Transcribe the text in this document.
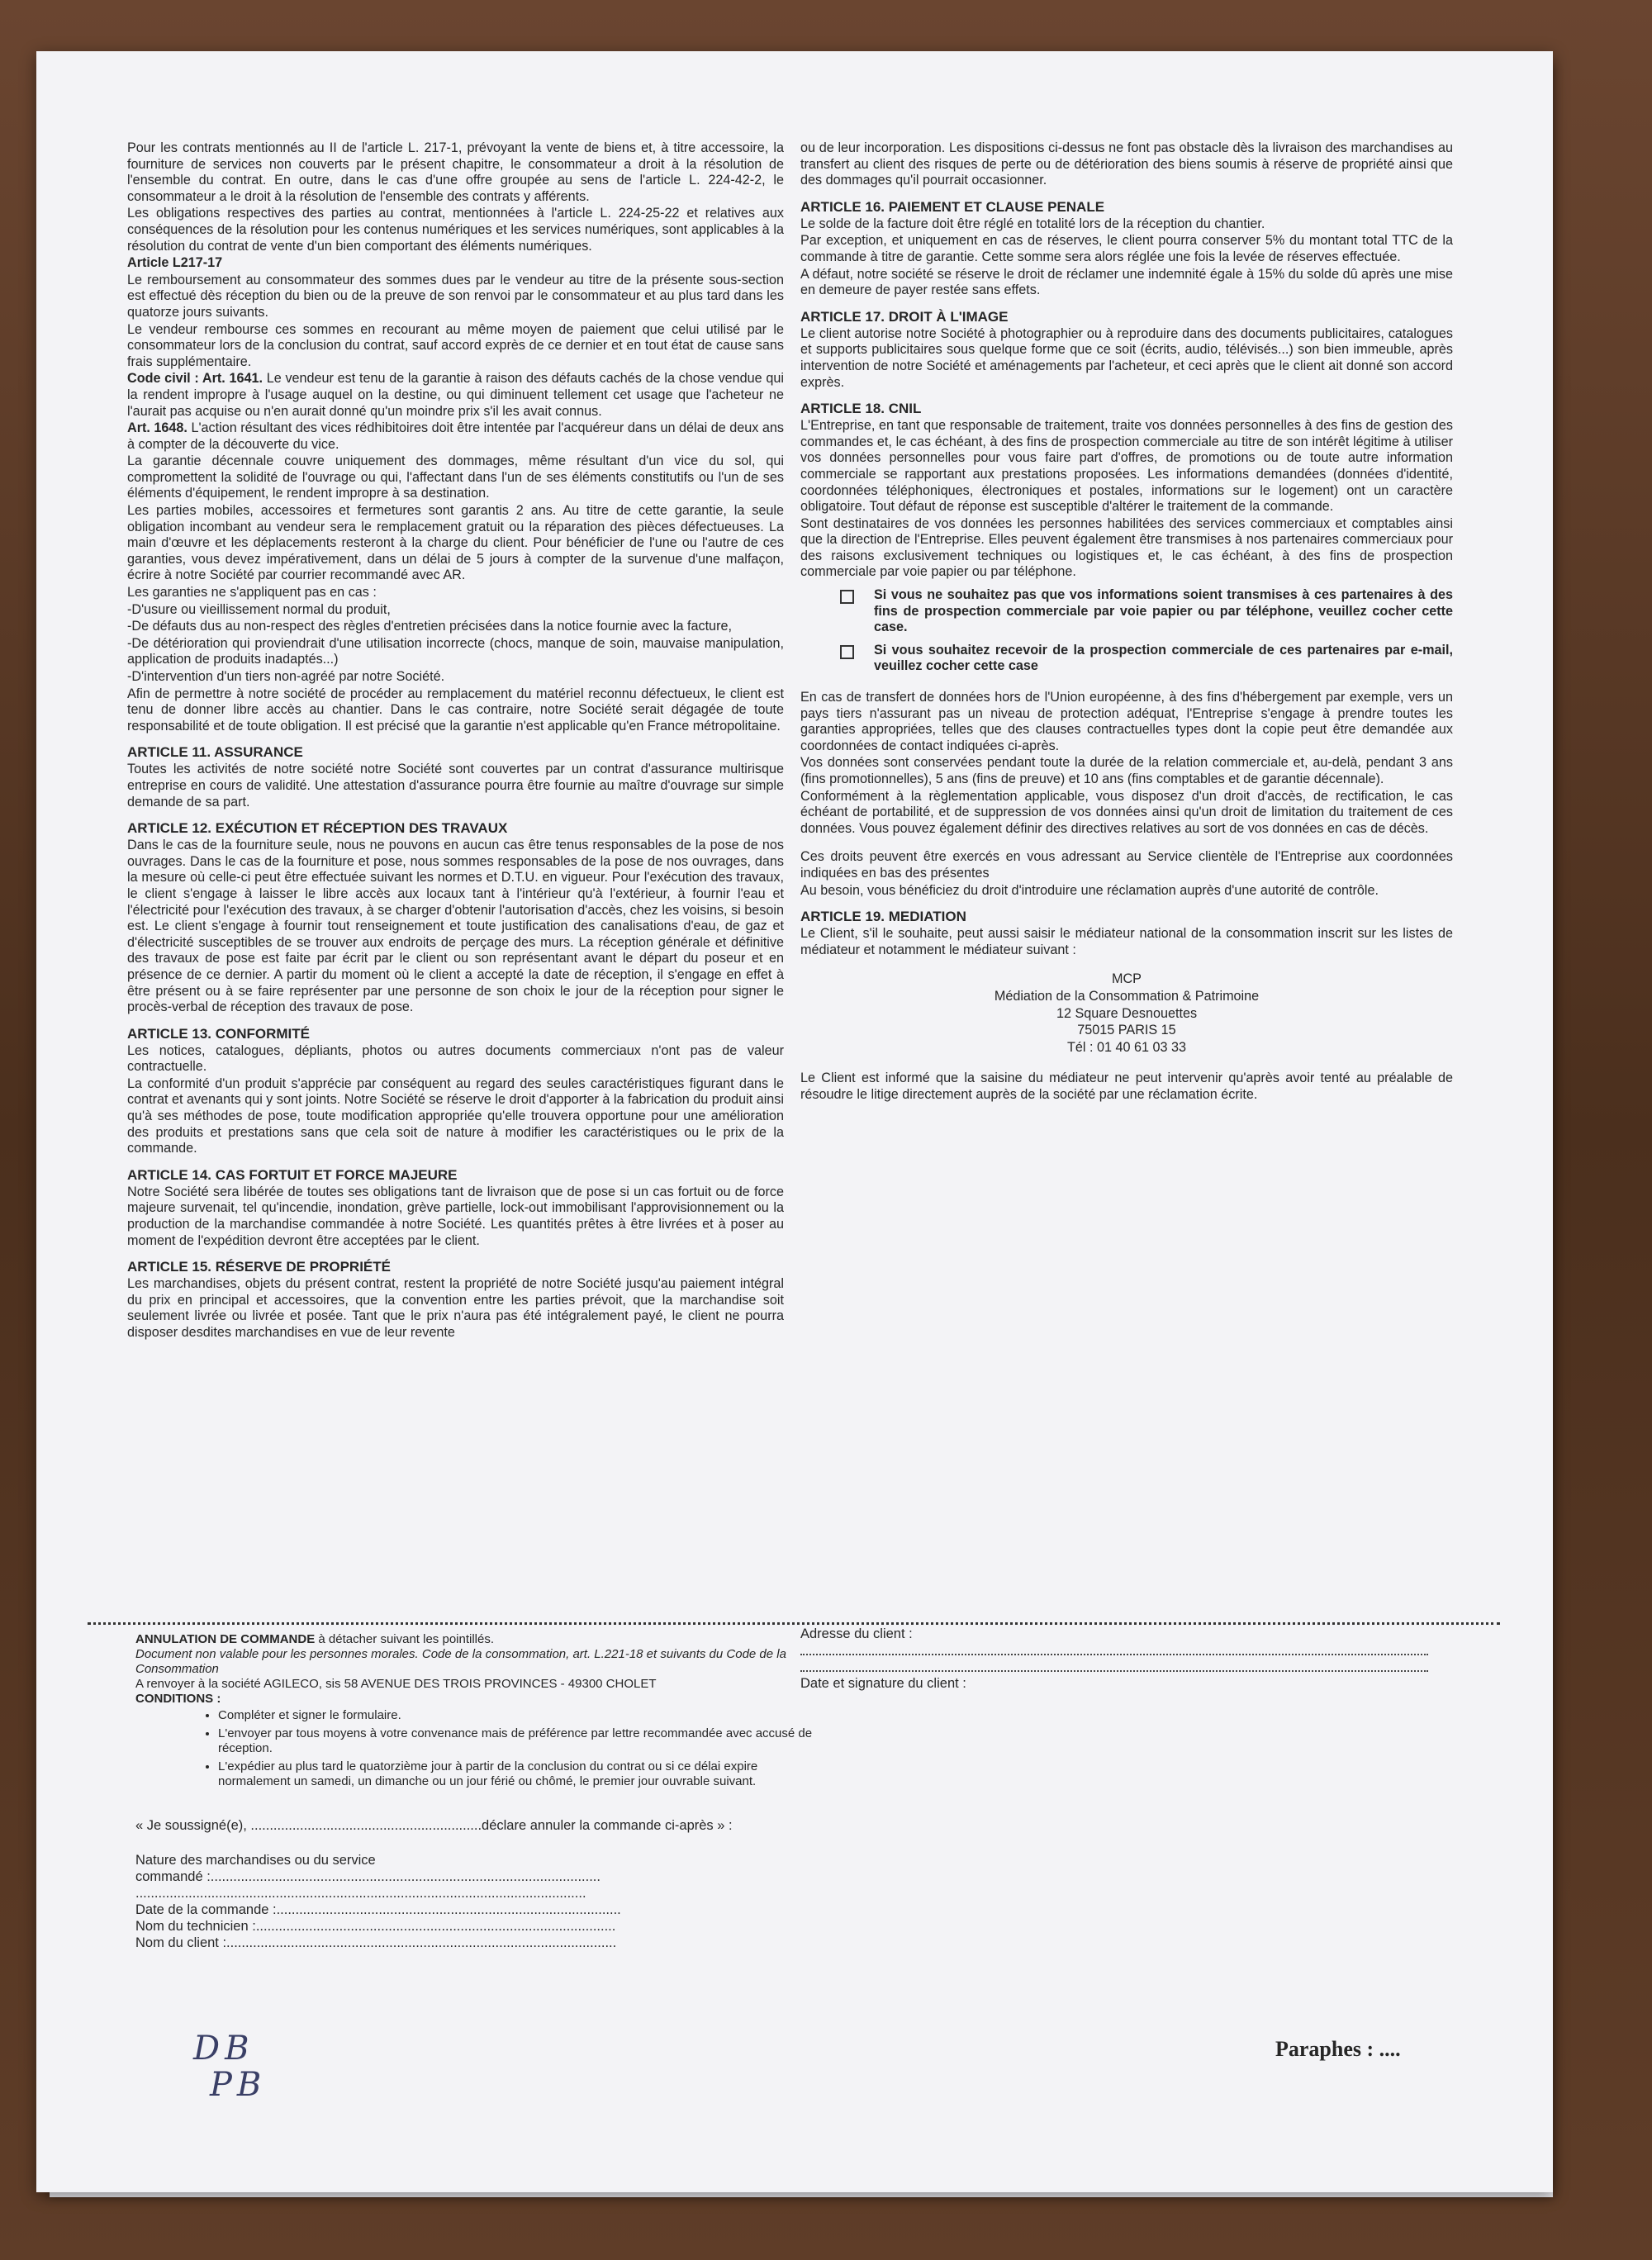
Pour les contrats mentionnés au II de l'article L. 217-1, prévoyant la vente de biens et, à titre accessoire, la fourniture de services non couverts par le présent chapitre, le consommateur a droit à la résolution de l'ensemble du contrat. En outre, dans le cas d'une offre groupée au sens de l'article L. 224-42-2, le consommateur a le droit à la résolution de l'ensemble des contrats y afférents.

Les obligations respectives des parties au contrat, mentionnées à l'article L. 224-25-22 et relatives aux conséquences de la résolution pour les contenus numériques et les services numériques, sont applicables à la résolution du contrat de vente d'un bien comportant des éléments numériques.

Article L217-17

Le remboursement au consommateur des sommes dues par le vendeur au titre de la présente sous-section est effectué dès réception du bien ou de la preuve de son renvoi par le consommateur et au plus tard dans les quatorze jours suivants.

Le vendeur rembourse ces sommes en recourant au même moyen de paiement que celui utilisé par le consommateur lors de la conclusion du contrat, sauf accord exprès de ce dernier et en tout état de cause sans frais supplémentaire.

Code civil : Art. 1641. Le vendeur est tenu de la garantie à raison des défauts cachés de la chose vendue qui la rendent impropre à l'usage auquel on la destine, ou qui diminuent tellement cet usage que l'acheteur ne l'aurait pas acquise ou n'en aurait donné qu'un moindre prix s'il les avait connus.

Art. 1648. L'action résultant des vices rédhibitoires doit être intentée par l'acquéreur dans un délai de deux ans à compter de la découverte du vice.

La garantie décennale couvre uniquement des dommages, même résultant d'un vice du sol, qui compromettent la solidité de l'ouvrage ou qui, l'affectant dans l'un de ses éléments constitutifs ou l'un de ses éléments d'équipement, le rendent impropre à sa destination.

Les parties mobiles, accessoires et fermetures sont garantis 2 ans. Au titre de cette garantie, la seule obligation incombant au vendeur sera le remplacement gratuit ou la réparation des pièces défectueuses. La main d'œuvre et les déplacements resteront à la charge du client. Pour bénéficier de l'une ou l'autre de ces garanties, vous devez impérativement, dans un délai de 5 jours à compter de la survenue d'une malfaçon, écrire à notre Société par courrier recommandé avec AR.

Les garanties ne s'appliquent pas en cas :

-D'usure ou vieillissement normal du produit,

-De défauts dus au non-respect des règles d'entretien précisées dans la notice fournie avec la facture,

-De détérioration qui proviendrait d'une utilisation incorrecte (chocs, manque de soin, mauvaise manipulation, application de produits inadaptés...)

-D'intervention d'un tiers non-agréé par notre Société.

Afin de permettre à notre société de procéder au remplacement du matériel reconnu défectueux, le client est tenu de donner libre accès au chantier. Dans le cas contraire, notre Société serait dégagée de toute responsabilité et de toute obligation. Il est précisé que la garantie n'est applicable qu'en France métropolitaine.

ARTICLE 11. ASSURANCE

Toutes les activités de notre société notre Société sont couvertes par un contrat d'assurance multirisque entreprise en cours de validité. Une attestation d'assurance pourra être fournie au maître d'ouvrage sur simple demande de sa part.

ARTICLE 12. EXÉCUTION ET RÉCEPTION DES TRAVAUX

Dans le cas de la fourniture seule, nous ne pouvons en aucun cas être tenus responsables de la pose de nos ouvrages. Dans le cas de la fourniture et pose, nous sommes responsables de la pose de nos ouvrages, dans la mesure où celle-ci peut être effectuée suivant les normes et D.T.U. en vigueur. Pour l'exécution des travaux, le client s'engage à laisser le libre accès aux locaux tant à l'intérieur qu'à l'extérieur, à fournir l'eau et l'électricité pour l'exécution des travaux, à se charger d'obtenir l'autorisation d'accès, chez les voisins, si besoin est. Le client s'engage à fournir tout renseignement et toute justification des canalisations d'eau, de gaz et d'électricité susceptibles de se trouver aux endroits de perçage des murs. La réception générale et définitive des travaux de pose est faite par écrit par le client ou son représentant avant le départ du poseur et en présence de ce dernier. A partir du moment où le client a accepté la date de réception, il s'engage en effet à être présent ou à se faire représenter par une personne de son choix le jour de la réception pour signer le procès-verbal de réception des travaux de pose.

ARTICLE 13. CONFORMITÉ

Les notices, catalogues, dépliants, photos ou autres documents commerciaux n'ont pas de valeur contractuelle.

La conformité d'un produit s'apprécie par conséquent au regard des seules caractéristiques figurant dans le contrat et avenants qui y sont joints. Notre Société se réserve le droit d'apporter à la fabrication du produit ainsi qu'à ses méthodes de pose, toute modification appropriée qu'elle trouvera opportune pour une amélioration des produits et prestations sans que cela soit de nature à modifier les caractéristiques ou le prix de la commande.

ARTICLE 14. CAS FORTUIT ET FORCE MAJEURE

Notre Société sera libérée de toutes ses obligations tant de livraison que de pose si un cas fortuit ou de force majeure survenait, tel qu'incendie, inondation, grève partielle, lock-out immobilisant l'approvisionnement ou la production de la marchandise commandée à notre Société. Les quantités prêtes à être livrées et à poser au moment de l'expédition devront être acceptées par le client.

ARTICLE 15. RÉSERVE DE PROPRIÉTÉ

Les marchandises, objets du présent contrat, restent la propriété de notre Société jusqu'au paiement intégral du prix en principal et accessoires, que la convention entre les parties prévoit, que la marchandise soit seulement livrée ou livrée et posée. Tant que le prix n'aura pas été intégralement payé, le client ne pourra disposer desdites marchandises en vue de leur revente

ou de leur incorporation. Les dispositions ci-dessus ne font pas obstacle dès la livraison des marchandises au transfert au client des risques de perte ou de détérioration des biens soumis à réserve de propriété ainsi que des dommages qu'il pourrait occasionner.

ARTICLE 16. PAIEMENT ET CLAUSE PENALE

Le solde de la facture doit être réglé en totalité lors de la réception du chantier.

Par exception, et uniquement en cas de réserves, le client pourra conserver 5% du montant total TTC de la commande à titre de garantie. Cette somme sera alors réglée une fois la levée de réserves effectuée.

A défaut, notre société se réserve le droit de réclamer une indemnité égale à 15% du solde dû après une mise en demeure de payer restée sans effets.

ARTICLE 17. DROIT À L'IMAGE

Le client autorise notre Société à photographier ou à reproduire dans des documents publicitaires, catalogues et supports publicitaires sous quelque forme que ce soit (écrits, audio, télévisés...) son bien immeuble, après intervention de notre Société et aménagements par l'acheteur, et ceci après que le client ait donné son accord exprès.

ARTICLE 18. CNIL

L'Entreprise, en tant que responsable de traitement, traite vos données personnelles à des fins de gestion des commandes et, le cas échéant, à des fins de prospection commerciale au titre de son intérêt légitime à utiliser vos données personnelles pour vous faire part d'offres, de promotions ou de toute autre information commerciale se rapportant aux prestations proposées. Les informations demandées (données d'identité, coordonnées téléphoniques, électroniques et postales, informations sur le logement) ont un caractère obligatoire. Tout défaut de réponse est susceptible d'altérer le traitement de la commande.

Sont destinataires de vos données les personnes habilitées des services commerciaux et comptables ainsi que la direction de l'Entreprise. Elles peuvent également être transmises à nos partenaires commerciaux pour des raisons exclusivement techniques ou logistiques et, le cas échéant, à des fins de prospection commerciale par voie papier ou par téléphone.

Si vous ne souhaitez pas que vos informations soient transmises à ces partenaires à des fins de prospection commerciale par voie papier ou par téléphone, veuillez cocher cette case.
Si vous souhaitez recevoir de la prospection commerciale de ces partenaires par e-mail, veuillez cocher cette case

En cas de transfert de données hors de l'Union européenne, à des fins d'hébergement par exemple, vers un pays tiers n'assurant pas un niveau de protection adéquat, l'Entreprise s'engage à prendre toutes les garanties appropriées, telles que des clauses contractuelles types dont la copie peut être demandée aux coordonnées de contact indiquées ci-après.

Vos données sont conservées pendant toute la durée de la relation commerciale et, au-delà, pendant 3 ans (fins promotionnelles), 5 ans (fins de preuve) et 10 ans (fins comptables et de garantie décennale).

Conformément à la règlementation applicable, vous disposez d'un droit d'accès, de rectification, le cas échéant de portabilité, et de suppression de vos données ainsi qu'un droit de limitation du traitement de ces données. Vous pouvez également définir des directives relatives au sort de vos données en cas de décès.

Ces droits peuvent être exercés en vous adressant au Service clientèle de l'Entreprise aux coordonnées indiquées en bas des présentes

Au besoin, vous bénéficiez du droit d'introduire une réclamation auprès d'une autorité de contrôle.

ARTICLE 19. MEDIATION

Le Client, s'il le souhaite, peut aussi saisir le médiateur national de la consommation inscrit sur les listes de médiateur et notamment le médiateur suivant :

MCP

Médiation de la Consommation & Patrimoine

12 Square Desnouettes

75015 PARIS 15

Tél : 01 40 61 03 33

Le Client est informé que la saisine du médiateur ne peut intervenir qu'après avoir tenté au préalable de résoudre le litige directement auprès de la société par une réclamation écrite.

ANNULATION DE COMMANDE à détacher suivant les pointillés.

Document non valable pour les personnes morales. Code de la consommation, art. L.221-18 et suivants du Code de la Consommation

A renvoyer à la société AGILECO, sis 58 AVENUE DES TROIS PROVINCES - 49300 CHOLET

CONDITIONS :

• Compléter et signer le formulaire.
• L'envoyer par tous moyens à votre convenance mais de préférence par lettre recommandée avec accusé de réception.
• L'expédier au plus tard le quatorzième jour à partir de la conclusion du contrat ou si ce délai expire normalement un samedi, un dimanche ou un jour férié ou chômé, le premier jour ouvrable suivant.

« Je soussigné(e), .............................................................déclare annuler la commande ci-après » :

Nature des marchandises ou du service

commandé :.......................................................................................................

.......................................................................................................................

Date de la commande :...........................................................................................

Nom du technicien :...............................................................................................

Nom du client :.......................................................................................................

Adresse du client :

Date et signature du client :

DB
PB
Paraphes : ....
